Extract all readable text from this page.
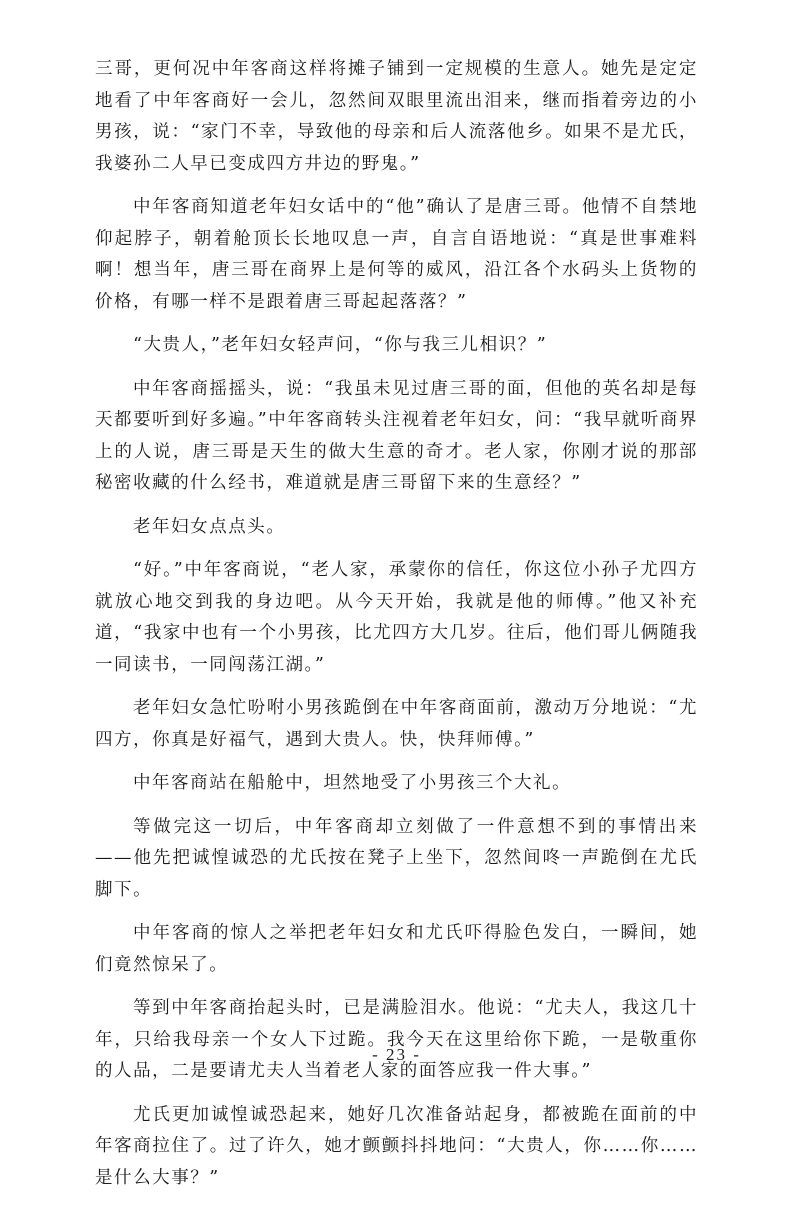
三哥，更何况中年客商这样将摊子铺到一定规模的生意人。她先是定定地看了中年客商好一会儿，忽然间双眼里流出泪来，继而指着旁边的小男孩，说：“家门不幸，导致他的母亲和后人流落他乡。如果不是尤氏，我婆孙二人早已变成四方井边的野鬼。”

中年客商知道老年妇女话中的“他”确认了是唐三哥。他情不自禁地仰起脖子，朝着舱顶长长地叹息一声，自言自语地说：“真是世事难料啊！想当年，唐三哥在商界上是何等的威风，沿江各个水码头上货物的价格，有哪一样不是跟着唐三哥起起落落？”

“大贵人，”老年妇女轻声问，“你与我三儿相识？”

中年客商摇摇头，说：“我虽未见过唐三哥的面，但他的英名却是每天都要听到好多遍。”中年客商转头注视着老年妇女，问：“我早就听商界上的人说，唐三哥是天生的做大生意的奇才。老人家，你刚才说的那部秘密收藏的什么经书，难道就是唐三哥留下来的生意经？”

老年妇女点点头。

“好。”中年客商说，“老人家，承蒙你的信任，你这位小孙子尤四方就放心地交到我的身边吧。从今天开始，我就是他的师傅。”他又补充道，“我家中也有一个小男孩，比尤四方大几岁。往后，他们哥儿俩随我一同读书，一同闯荡江湖。”

老年妇女急忙吩咐小男孩跪倒在中年客商面前，激动万分地说：“尤四方，你真是好福气，遇到大贵人。快，快拜师傅。”

中年客商站在船舱中，坦然地受了小男孩三个大礼。

等做完这一切后，中年客商却立刻做了一件意想不到的事情出来——他先把诚惶诚恐的尤氏按在凳子上坐下，忽然间咚一声跪倒在尤氏脚下。

中年客商的惊人之举把老年妇女和尤氏吓得脸色发白，一瞬间，她们竟然惊呆了。

等到中年客商抬起头时，已是满脸泪水。他说：“尤夫人，我这几十年，只给我母亲一个女人下过跪。我今天在这里给你下跪，一是敬重你的人品，二是要请尤夫人当着老人家的面答应我一件大事。”

尤氏更加诚惶诚恐起来，她好几次准备站起身，都被跪在面前的中年客商拉住了。过了许久，她才颤颤抖抖地问：“大贵人，你……你……是什么大事？”

- 23 -
